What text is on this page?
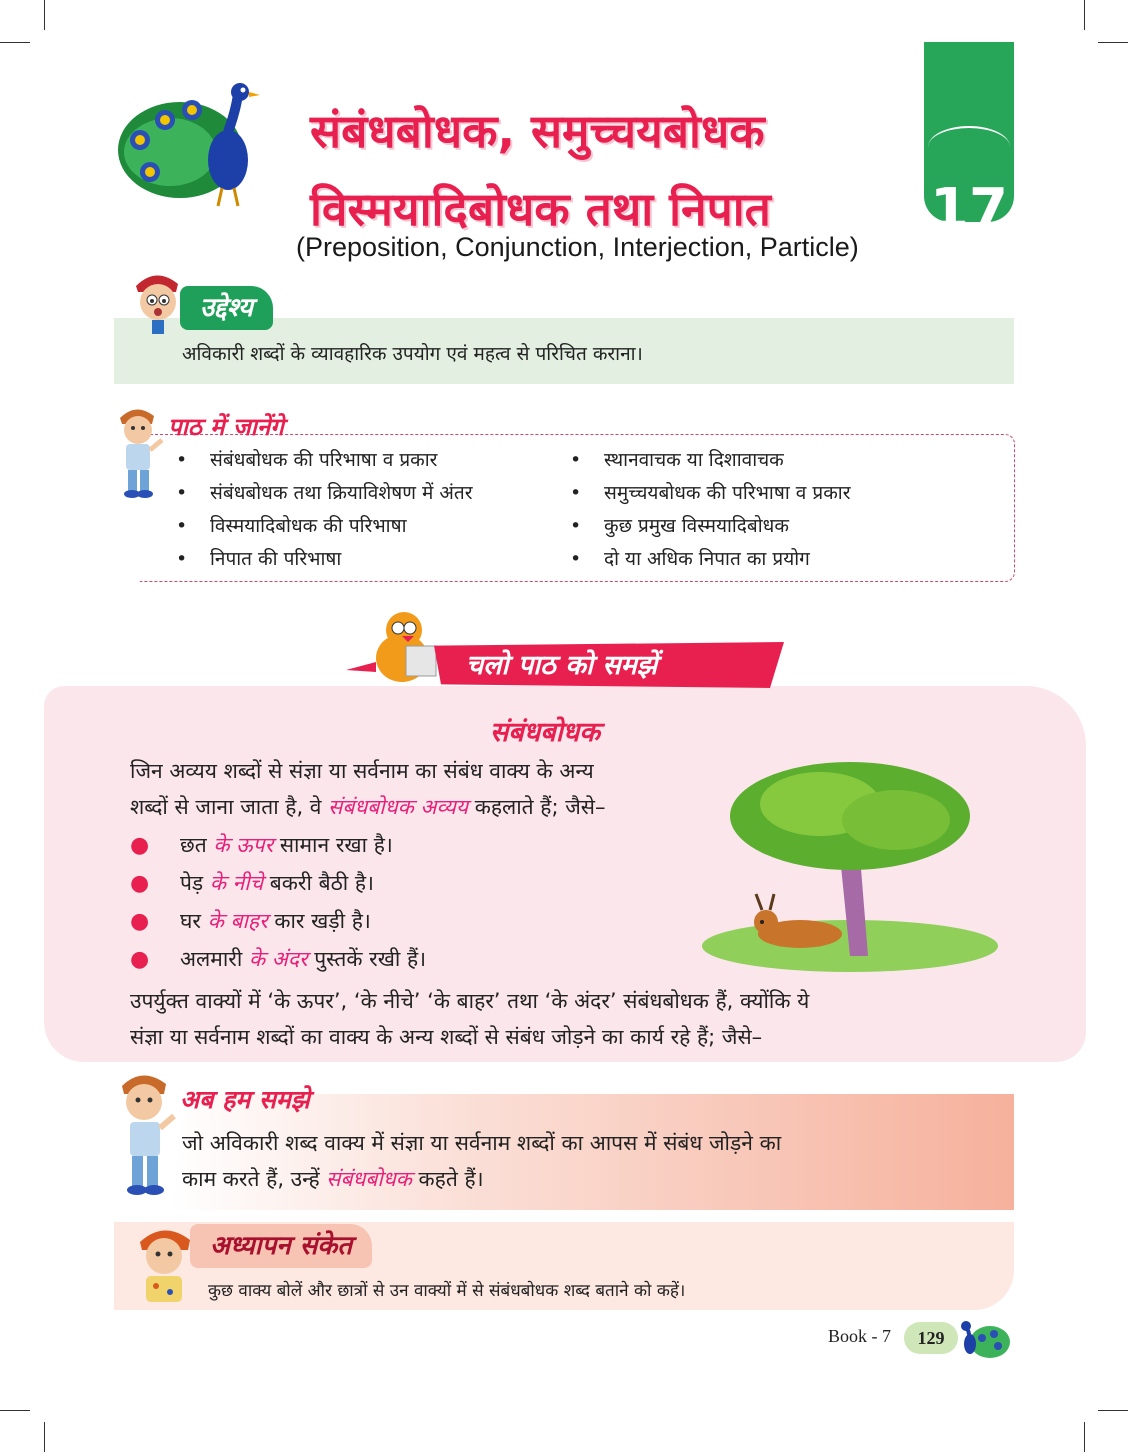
संबंधबोधक, समुच्चयबोधक
विस्मयादिबोधक तथा निपात
(Preposition, Conjunction, Interjection, Particle)
17
उद्देश्य
अविकारी शब्दों के व्यावहारिक उपयोग एवं महत्व से परिचित कराना।
पाठ में जानेंगे
• संबंधबोधक की परिभाषा व प्रकार
• संबंधबोधक तथा क्रियाविशेषण में अंतर
• विस्मयादिबोधक की परिभाषा
• निपात की परिभाषा
• स्थानवाचक या दिशावाचक
• समुच्चयबोधक की परिभाषा व प्रकार
• कुछ प्रमुख विस्मयादिबोधक
• दो या अधिक निपात का प्रयोग
चलो पाठ को समझें
संबंधबोधक
जिन अव्यय शब्दों से संज्ञा या सर्वनाम का संबंध वाक्य के अन्य
शब्दों से जाना जाता है, वे संबंधबोधक अव्यय कहलाते हैं; जैसे–
● छत के ऊपर सामान रखा है।
● पेड़ के नीचे बकरी बैठी है।
● घर के बाहर कार खड़ी है।
● अलमारी के अंदर पुस्तकें रखी हैं।
उपर्युक्त वाक्यों में ‘के ऊपर’, ‘के नीचे’ ‘के बाहर’ तथा ‘के अंदर’ संबंधबोधक हैं, क्योंकि ये
संज्ञा या सर्वनाम शब्दों का वाक्य के अन्य शब्दों से संबंध जोड़ने का कार्य रहे हैं; जैसे–
अब हम समझे
जो अविकारी शब्द वाक्य में संज्ञा या सर्वनाम शब्दों का आपस में संबंध जोड़ने का
काम करते हैं, उन्हें संबंधबोधक कहते हैं।
अध्यापन संकेत
कुछ वाक्य बोलें और छात्रों से उन वाक्यों में से संबंधबोधक शब्द बताने को कहें।
Book - 7	129
